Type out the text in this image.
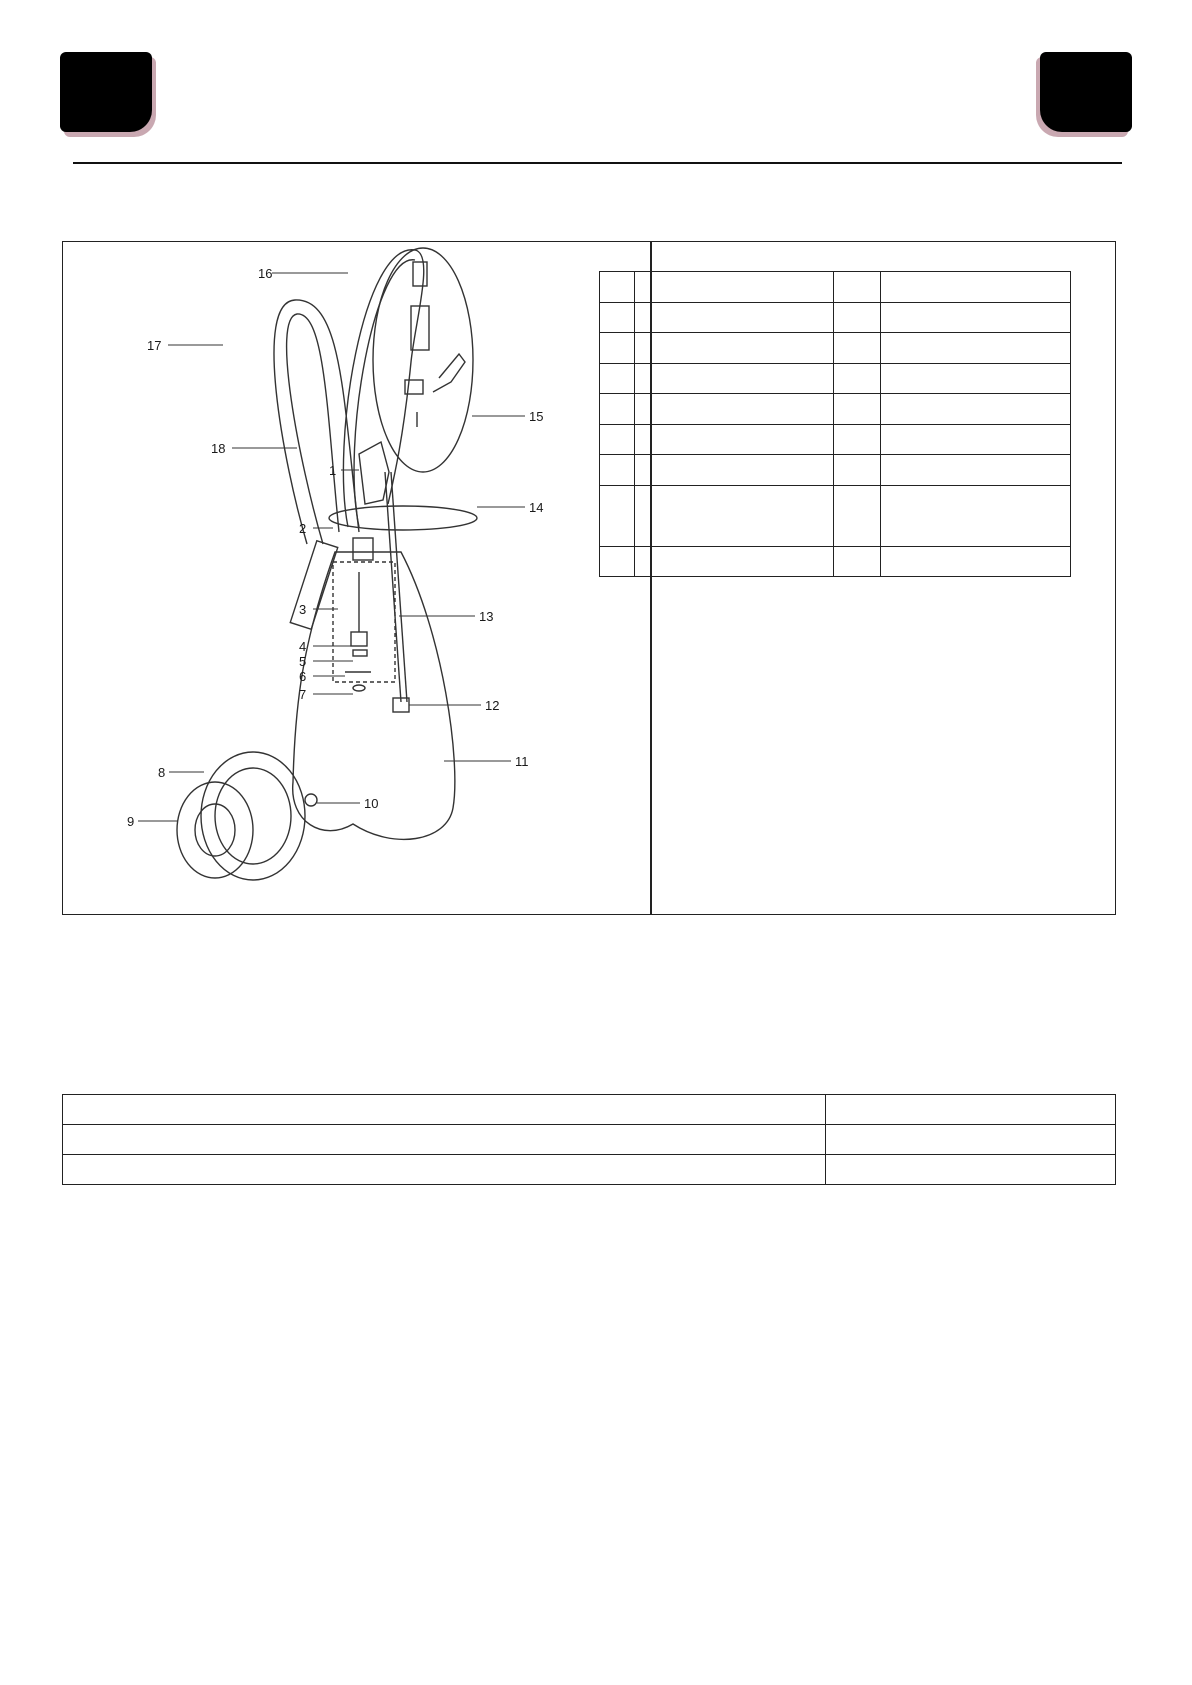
16
17
18
15
1
14
2
3	13
4
5
6
7
12
11
8
10
9
